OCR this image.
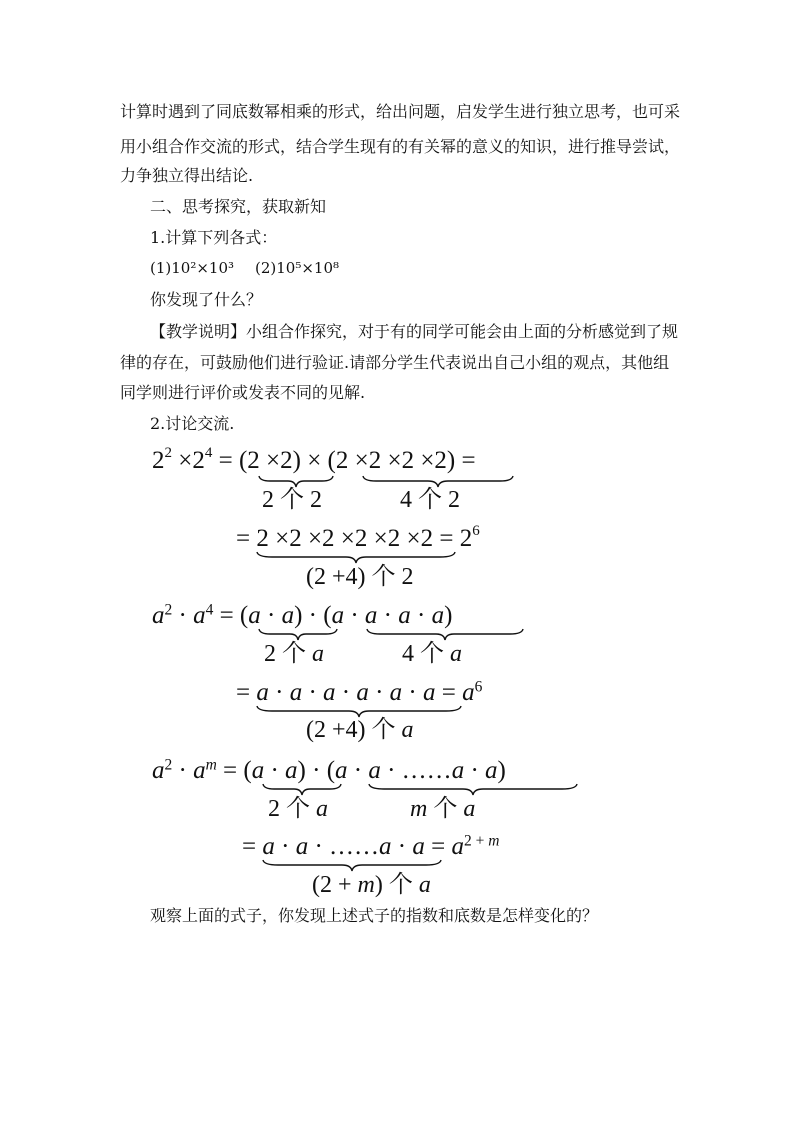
计算时遇到了同底数幂相乘的形式，给出问题，启发学生进行独立思考，也可采
用小组合作交流的形式，结合学生现有的有关幂的意义的知识，进行推导尝试，
力争独立得出结论.
二、思考探究，获取新知
1.计算下列各式：
(1)10²×10³ (2)10⁵×10⁸
你发现了什么？
【教学说明】 小组合作探究，对于有的同学可能会由上面的分析感觉到了规
律的存在，可鼓励他们进行验证.请部分学生代表说出自己小组的观点，其他组
同学则进行评价或发表不同的见解.
2.讨论交流.
$2^2 \times 2^4 = (2 \times 2) \times (2 \times 2 \times 2 \times 2)$ =
2 个 2	4 个 2
= $2 \times 2 \times 2 \times 2 \times 2 \times 2 = 2^6$
(2 +4) 个 2
$a^2 \cdot a^4 = (a \cdot a) \cdot (a \cdot a \cdot a \cdot a)$
2 个 a	4 个 a
= $a \cdot a \cdot a \cdot a \cdot a \cdot a = a^6$
(2 +4) 个 a
$a^2 \cdot a^m = (a \cdot a) \cdot (a \cdot a$ · ……a · a)
2 个 a	m 个 a
= a · a · ……a · $a = a^{2 + m}$
(2 + m) 个 a
观察上面的式子，你发现上述式子的指数和底数是怎样变化的？
